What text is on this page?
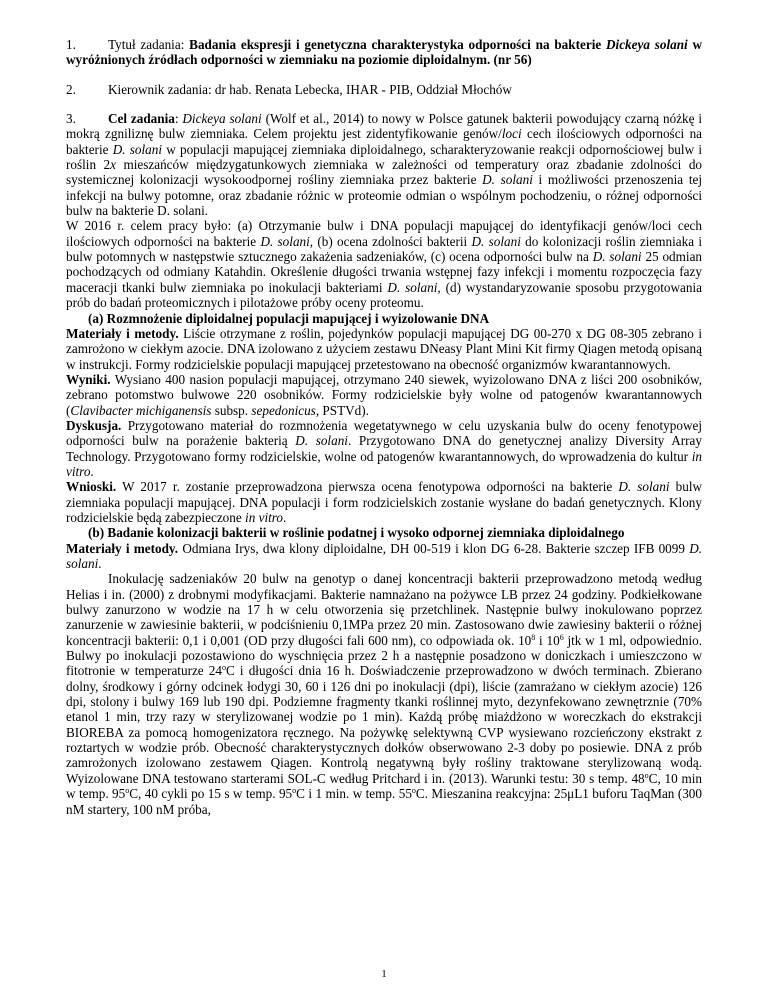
1. Tytuł zadania: Badania ekspresji i genetyczna charakterystyka odporności na bakterie Dickeya solani w wyróżnionych źródłach odporności w ziemniaku na poziomie diploidalnym. (nr 56)

2. Kierownik zadania: dr hab. Renata Lebecka, IHAR - PIB, Oddział Młochów

3. Cel zadania: Dickeya solani (Wolf et al., 2014) to nowy w Polsce gatunek bakterii powodujący czarną nóżkę i mokrą zgniliznę bulw ziemniaka. Celem projektu jest zidentyfikowanie genów/loci cech ilościowych odporności na bakterie D. solani w populacji mapującej ziemniaka diploidalnego, scharakteryzowanie reakcji odpornościowej bulw i roślin 2x mieszańców międzygatunkowych ziemniaka w zależności od temperatury oraz zbadanie zdolności do systemicznej kolonizacji wysokoodpornej rośliny ziemniaka przez bakterie D. solani i możliwości przenoszenia tej infekcji na bulwy potomne, oraz zbadanie różnic w proteomie odmian o wspólnym pochodzeniu, o różnej odporności bulw na bakterie D. solani.

W 2016 r. celem pracy było: (a) Otrzymanie bulw i DNA populacji mapującej do identyfikacji genów/loci cech ilościowych odporności na bakterie D. solani, (b) ocena zdolności bakterii D. solani do kolonizacji roślin ziemniaka i bulw potomnych w następstwie sztucznego zakażenia sadzeniaków, (c) ocena odporności bulw na D. solani 25 odmian pochodzących od odmiany Katahdin. Określenie długości trwania wstępnej fazy infekcji i momentu rozpoczęcia fazy maceracji tkanki bulw ziemniaka po inokulacji bakteriami D. solani, (d) wystandaryzowanie sposobu przygotowania prób do badań proteomicznych i pilotażowe próby oceny proteomu.

(a) Rozmnożenie diploidalnej populacji mapującej i wyizolowanie DNA

Materiały i metody. Liście otrzymane z roślin, pojedynków populacji mapującej DG 00-270 x DG 08-305 zebrano i zamrożono w ciekłym azocie. DNA izolowano z użyciem zestawu DNeasy Plant Mini Kit firmy Qiagen metodą opisaną w instrukcji. Formy rodzicielskie populacji mapującej przetestowano na obecność organizmów kwarantannowych.

Wyniki. Wysiano 400 nasion populacji mapującej, otrzymano 240 siewek, wyizolowano DNA z liści 200 osobników, zebrano potomstwo bulwowe 220 osobników. Formy rodzicielskie były wolne od patogenów kwarantannowych (Clavibacter michiganensis subsp. sepedonicus, PSTVd).

Dyskusja. Przygotowano materiał do rozmnożenia wegetatywnego w celu uzyskania bulw do oceny fenotypowej odporności bulw na porażenie bakterią D. solani. Przygotowano DNA do genetycznej analizy Diversity Array Technology. Przygotowano formy rodzicielskie, wolne od patogenów kwarantannowych, do wprowadzenia do kultur in vitro.

Wnioski. W 2017 r. zostanie przeprowadzona pierwsza ocena fenotypowa odporności na bakterie D. solani bulw ziemniaka populacji mapującej. DNA populacji i form rodzicielskich zostanie wysłane do badań genetycznych. Klony rodzicielskie będą zabezpieczone in vitro.

(b) Badanie kolonizacji bakterii w roślinie podatnej i wysoko odpornej ziemniaka diploidalnego

Materiały i metody. Odmiana Irys, dwa klony diploidalne, DH 00-519 i klon DG 6-28. Bakterie szczep IFB 0099 D. solani.

Inokulację sadzeniaków 20 bulw na genotyp o danej koncentracji bakterii przeprowadzono metodą według Helias i in. (2000) z drobnymi modyfikacjami. Bakterie namnażano na pożywce LB przez 24 godziny. Podkiełkowane bulwy zanurzono w wodzie na 17 h w celu otworzenia się przetchlinek. Następnie bulwy inokulowano poprzez zanurzenie w zawiesinie bakterii, w podciśnieniu 0,1MPa przez 20 min. Zastosowano dwie zawiesiny bakterii o różnej koncentracji bakterii: 0,1 i 0,001 (OD przy długości fali 600 nm), co odpowiada ok. $10^8$ i $10^6$ jtk w 1 ml, odpowiednio. Bulwy po inokulacji pozostawiono do wyschnięcia przez 2 h a następnie posadzono w doniczkach i umieszczono w fitotronie w temperaturze 24$^o$C i długości dnia 16 h. Doświadczenie przeprowadzono w dwóch terminach. Zbierano dolny, środkowy i górny odcinek łodygi 30, 60 i 126 dni po inokulacji (dpi), liście (zamrażano w ciekłym azocie) 126 dpi, stolony i bulwy 169 lub 190 dpi. Podziemne fragmenty tkanki roślinnej myto, dezynfekowano zewnętrznie (70% etanol 1 min, trzy razy w sterylizowanej wodzie po 1 min). Każdą próbę miażdżono w woreczkach do ekstrakcji BIOREBA za pomocą homogenizatora ręcznego. Na pożywkę selektywną CVP wysiewano rozcieńczony ekstrakt z roztartych w wodzie prób. Obecność charakterystycznych dołków obserwowano 2-3 doby po posiewie. DNA z prób zamrożonych izolowano zestawem Qiagen. Kontrolą negatywną były rośliny traktowane sterylizowaną wodą. Wyizolowane DNA testowano starterami SOL-C według Pritchard i in. (2013). Warunki testu: 30 s temp. 48$^o$C, 10 min w temp. 95$^o$C, 40 cykli po 15 s w temp. 95$^o$C i 1 min. w temp. 55$^o$C. Mieszanina reakcyjna: 25μL1 buforu TaqMan (300 nM startery, 100 nM próba,

1
